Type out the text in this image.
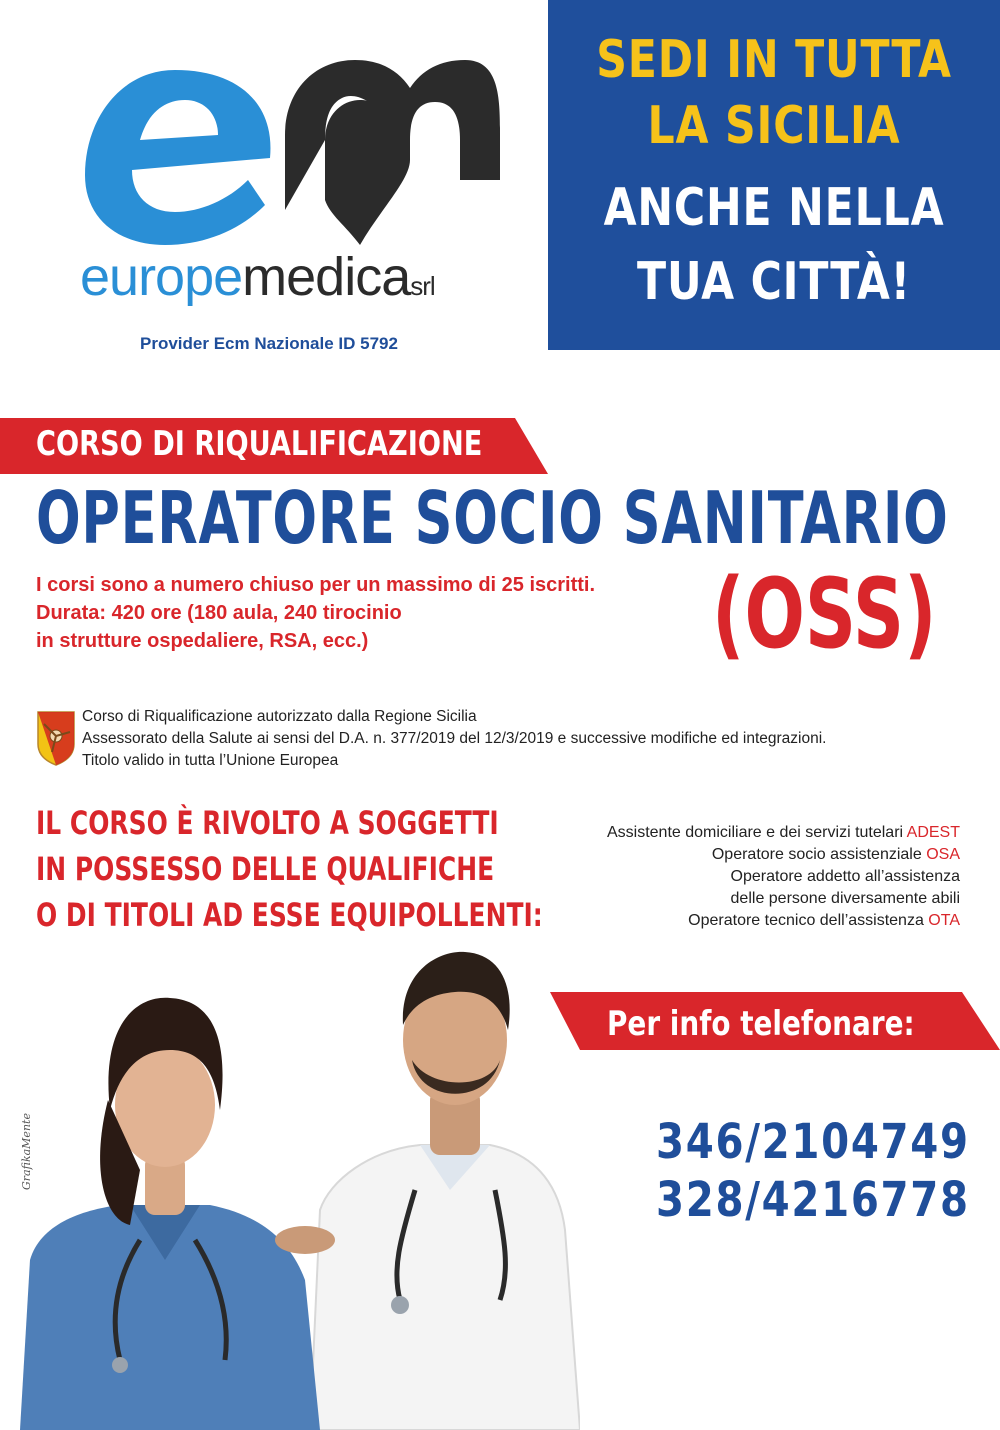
europemedicasrl
Provider Ecm Nazionale ID 5792
SEDI IN TUTTA
LA SICILIA
ANCHE NELLA
TUA CITTÀ!
CORSO DI RIQUALIFICAZIONE
OPERATORE SOCIO SANITARIO
(OSS)
I corsi sono a numero chiuso per un massimo di 25 iscritti.
Durata: 420 ore (180 aula, 240 tirocinio
in strutture ospedaliere, RSA, ecc.)
Corso di Riqualificazione autorizzato dalla Regione Sicilia
Assessorato della Salute ai sensi del D.A. n. 377/2019 del 12/3/2019 e successive modifiche ed integrazioni.
Titolo valido in tutta l’Unione Europea
IL CORSO È RIVOLTO A SOGGETTI
IN POSSESSO DELLE QUALIFICHE
O DI TITOLI AD ESSE EQUIPOLLENTI:
Assistente domiciliare e dei servizi tutelari ADEST
Operatore socio assistenziale OSA
Operatore addetto all’assistenza
delle persone diversamente abili
Operatore tecnico dell’assistenza OTA
GrafikaMente
Per info telefonare:
346/2104749
328/4216778
